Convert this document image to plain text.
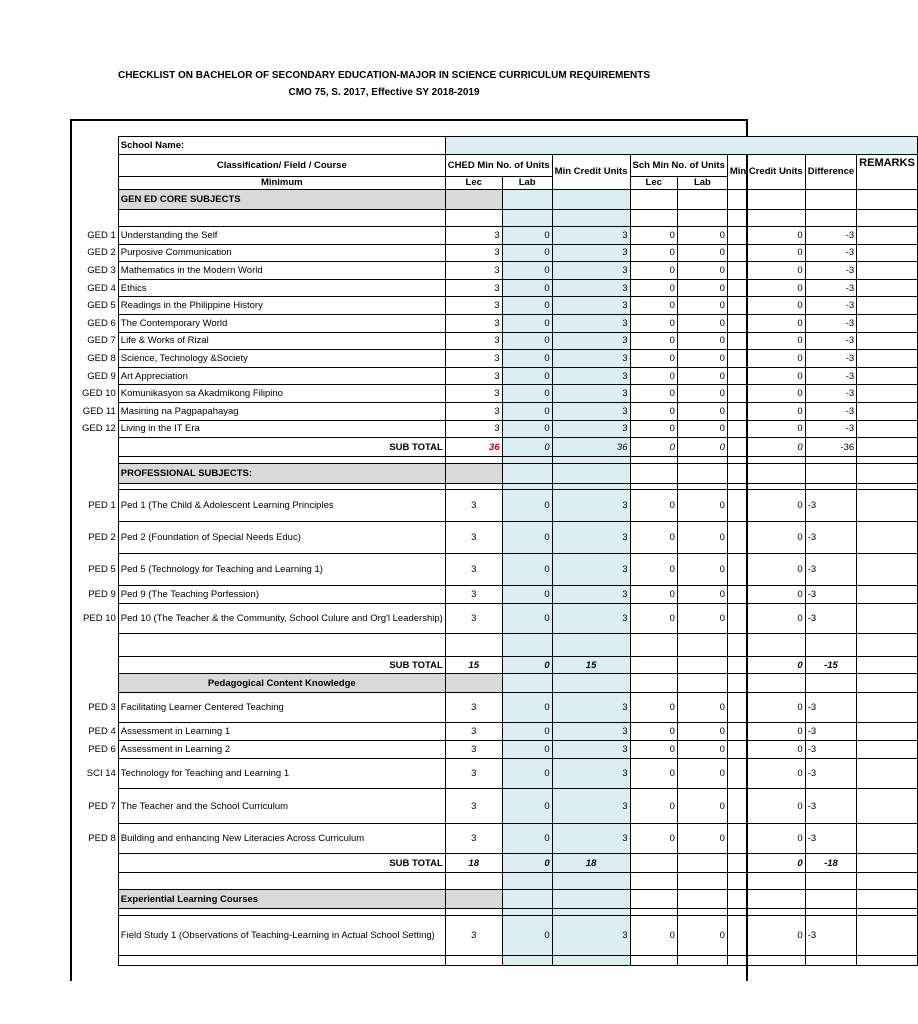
CHECKLIST ON BACHELOR OF SECONDARY EDUCATION-MAJOR IN SCIENCE CURRICULUM REQUIREMENTS
CMO 75, S. 2017, Effective SY 2018-2019
	School Name:								
	Classification/ Field / Course	CHED Min No. of Units		Min Credit Units	Sch Min No. of Units		Min Credit Units	Difference	REMARKS

	Minimum	Lec	Lab		Lec	Lab			
	GEN ED CORE SUBJECTS								

GED 1	Understanding the Self	3	0	3	0	0	0	-3	
GED 2	Purposive Communication	3	0	3	0	0	0	-3	
GED 3	Mathematics in the Modern World	3	0	3	0	0	0	-3	
GED 4	Ethics	3	0	3	0	0	0	-3	
GED 5	Readings in the Philippine History	3	0	3	0	0	0	-3	
GED 6	The Contemporary World	3	0	3	0	0	0	-3	
GED 7	Life & Works of Rizal	3	0	3	0	0	0	-3	
GED 8	Science, Technology &Society	3	0	3	0	0	0	-3	
GED 9	Art Appreciation	3	0	3	0	0	0	-3	
GED 10	Komunikasyon sa Akadmikong Filipino	3	0	3	0	0	0	-3	
GED 11	Masining na Pagpapahayag	3	0	3	0	0	0	-3	
GED 12	Living in the IT Era	3	0	3	0	0	0	-3	
	SUB TOTAL	36	0	36	0	0	0	-36	

	PROFESSIONAL SUBJECTS:								

PED 1	Ped 1 (The Child & Adolescent Learning Principles	3	0	3	0	0	0	-3	
PED 2	Ped 2 (Foundation of Special Needs Educ)	3	0	3	0	0	0	-3	
PED 5	Ped 5 (Technology for Teaching and Learning 1)	3	0	3	0	0	0	-3	
PED 9	Ped 9 (The Teaching Porfession)	3	0	3	0	0	0	-3	
PED 10	Ped 10 (The Teacher & the Community, School Culure and Org'l Leadership)	3	0	3	0	0	0	-3	

	SUB TOTAL	15	0	15			0	-15	
	Pedagogical Content Knowledge								
PED 3	Facilitating Learner Centered Teaching	3	0	3	0	0	0	-3	
PED 4	Assessment in Learning 1	3	0	3	0	0	0	-3	
PED 6	Assessment in Learning 2	3	0	3	0	0	0	-3	
SCI 14	Technology for Teaching and Learning 1	3	0	3	0	0	0	-3	
PED 7	The Teacher and the School Curriculum	3	0	3	0	0	0	-3	
PED 8	Building and enhancing New Literacies Across Curriculum	3	0	3	0	0	0	-3	
	SUB TOTAL	18	0	18			0	-18	

	Experiential Learning Courses								

	Field Study 1 (Observations of Teaching-Learning in Actual School Setting)	3	0	3	0	0	0	-3	
